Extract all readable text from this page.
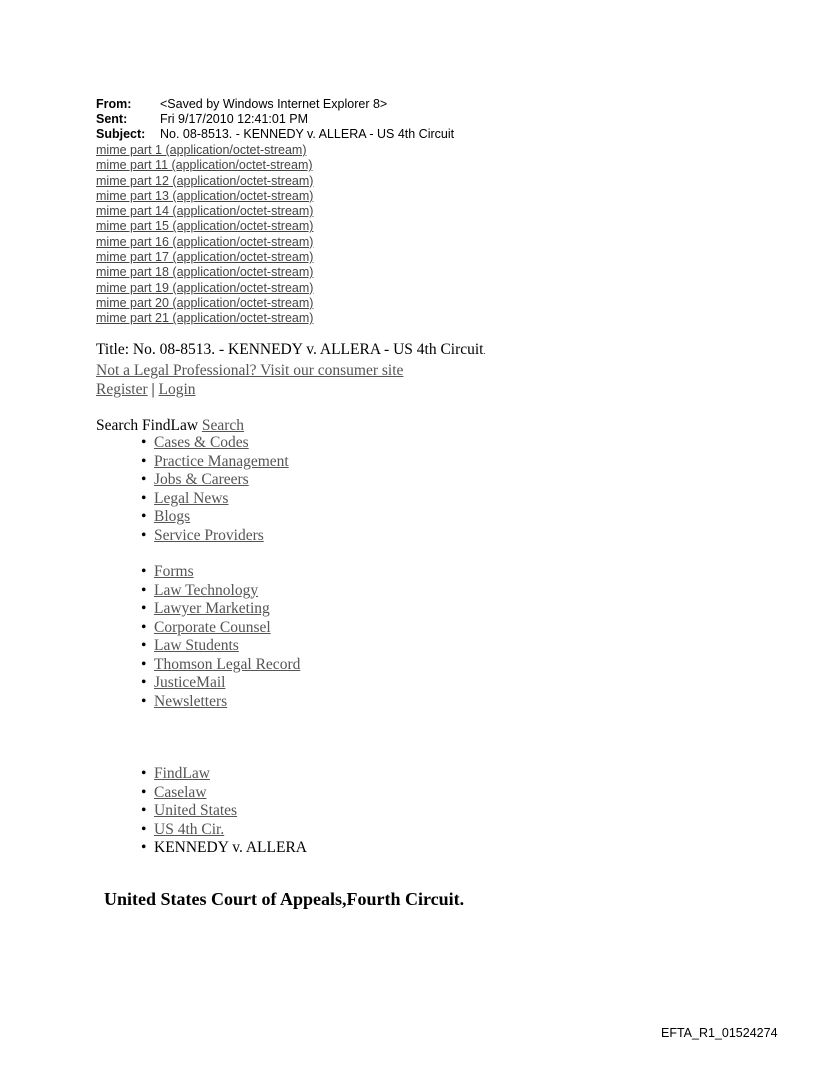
From:	<Saved by Windows Internet Explorer 8>
Sent:	Fri 9/17/2010 12:41:01 PM
Subject:	No. 08-8513. - KENNEDY v. ALLERA - US 4th Circuit
mime part 1 (application/octet-stream)
mime part 11 (application/octet-stream)
mime part 12 (application/octet-stream)
mime part 13 (application/octet-stream)
mime part 14 (application/octet-stream)
mime part 15 (application/octet-stream)
mime part 16 (application/octet-stream)
mime part 17 (application/octet-stream)
mime part 18 (application/octet-stream)
mime part 19 (application/octet-stream)
mime part 20 (application/octet-stream)
mime part 21 (application/octet-stream)
Title: No. 08-8513. - KENNEDY v. ALLERA - US 4th Circuit.
Not a Legal Professional? Visit our consumer site
Register | Login
Search FindLaw Search
• Cases & Codes
• Practice Management
• Jobs & Careers
• Legal News
• Blogs
• Service Providers
• Forms
• Law Technology
• Lawyer Marketing
• Corporate Counsel
• Law Students
• Thomson Legal Record
• JusticeMail
• Newsletters
• FindLaw
• Caselaw
• United States
• US 4th Cir.
• KENNEDY v. ALLERA
United States Court of Appeals,Fourth Circuit.
EFTA_R1_01524274
